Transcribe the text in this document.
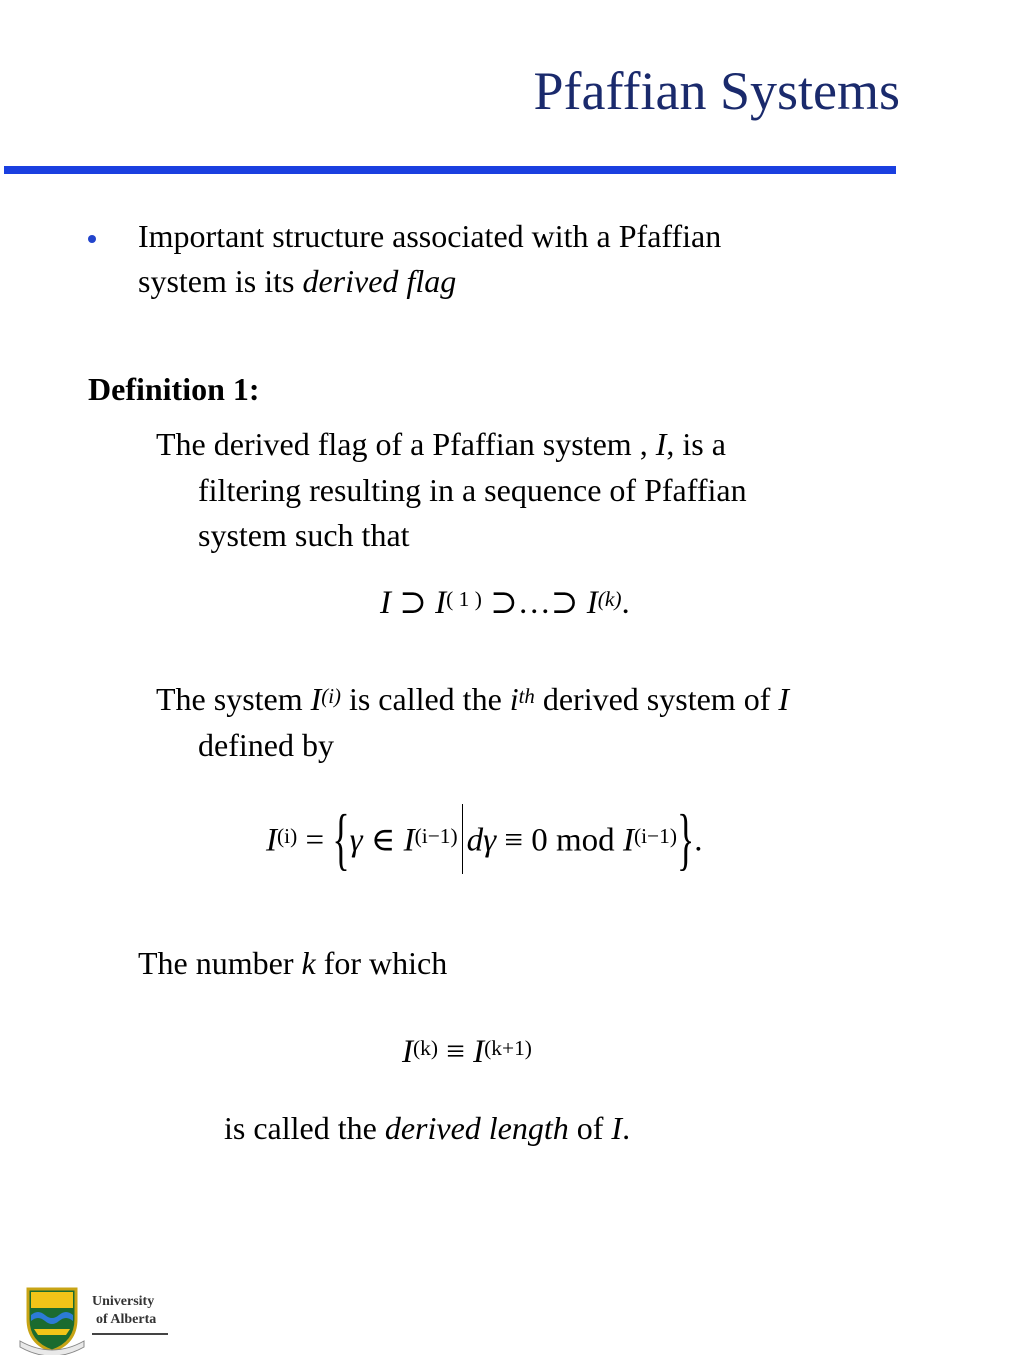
Pfaffian Systems
Important structure associated with a Pfaffian
system is its derived flag
Definition 1:
The derived flag of a Pfaffian system , I, is a
filtering resulting in a sequence of Pfaffian
system such that
I ⊃ $I^{( 1 )}$ ⊃…⊃ $I^{(k)}$.
The system $I^{(i)}$ is called the $i^{th}$ derived system of I
defined by
$I^{(i)} = \{\gamma$ ∈ $I^{(i-1)}$ dγ ≡ 0 mod $I^{(i-1)}$}.
The number k for which
$I^{(k)} \equiv I^{(k+1)}$
is called the derived length of I.
University
of Alberta
